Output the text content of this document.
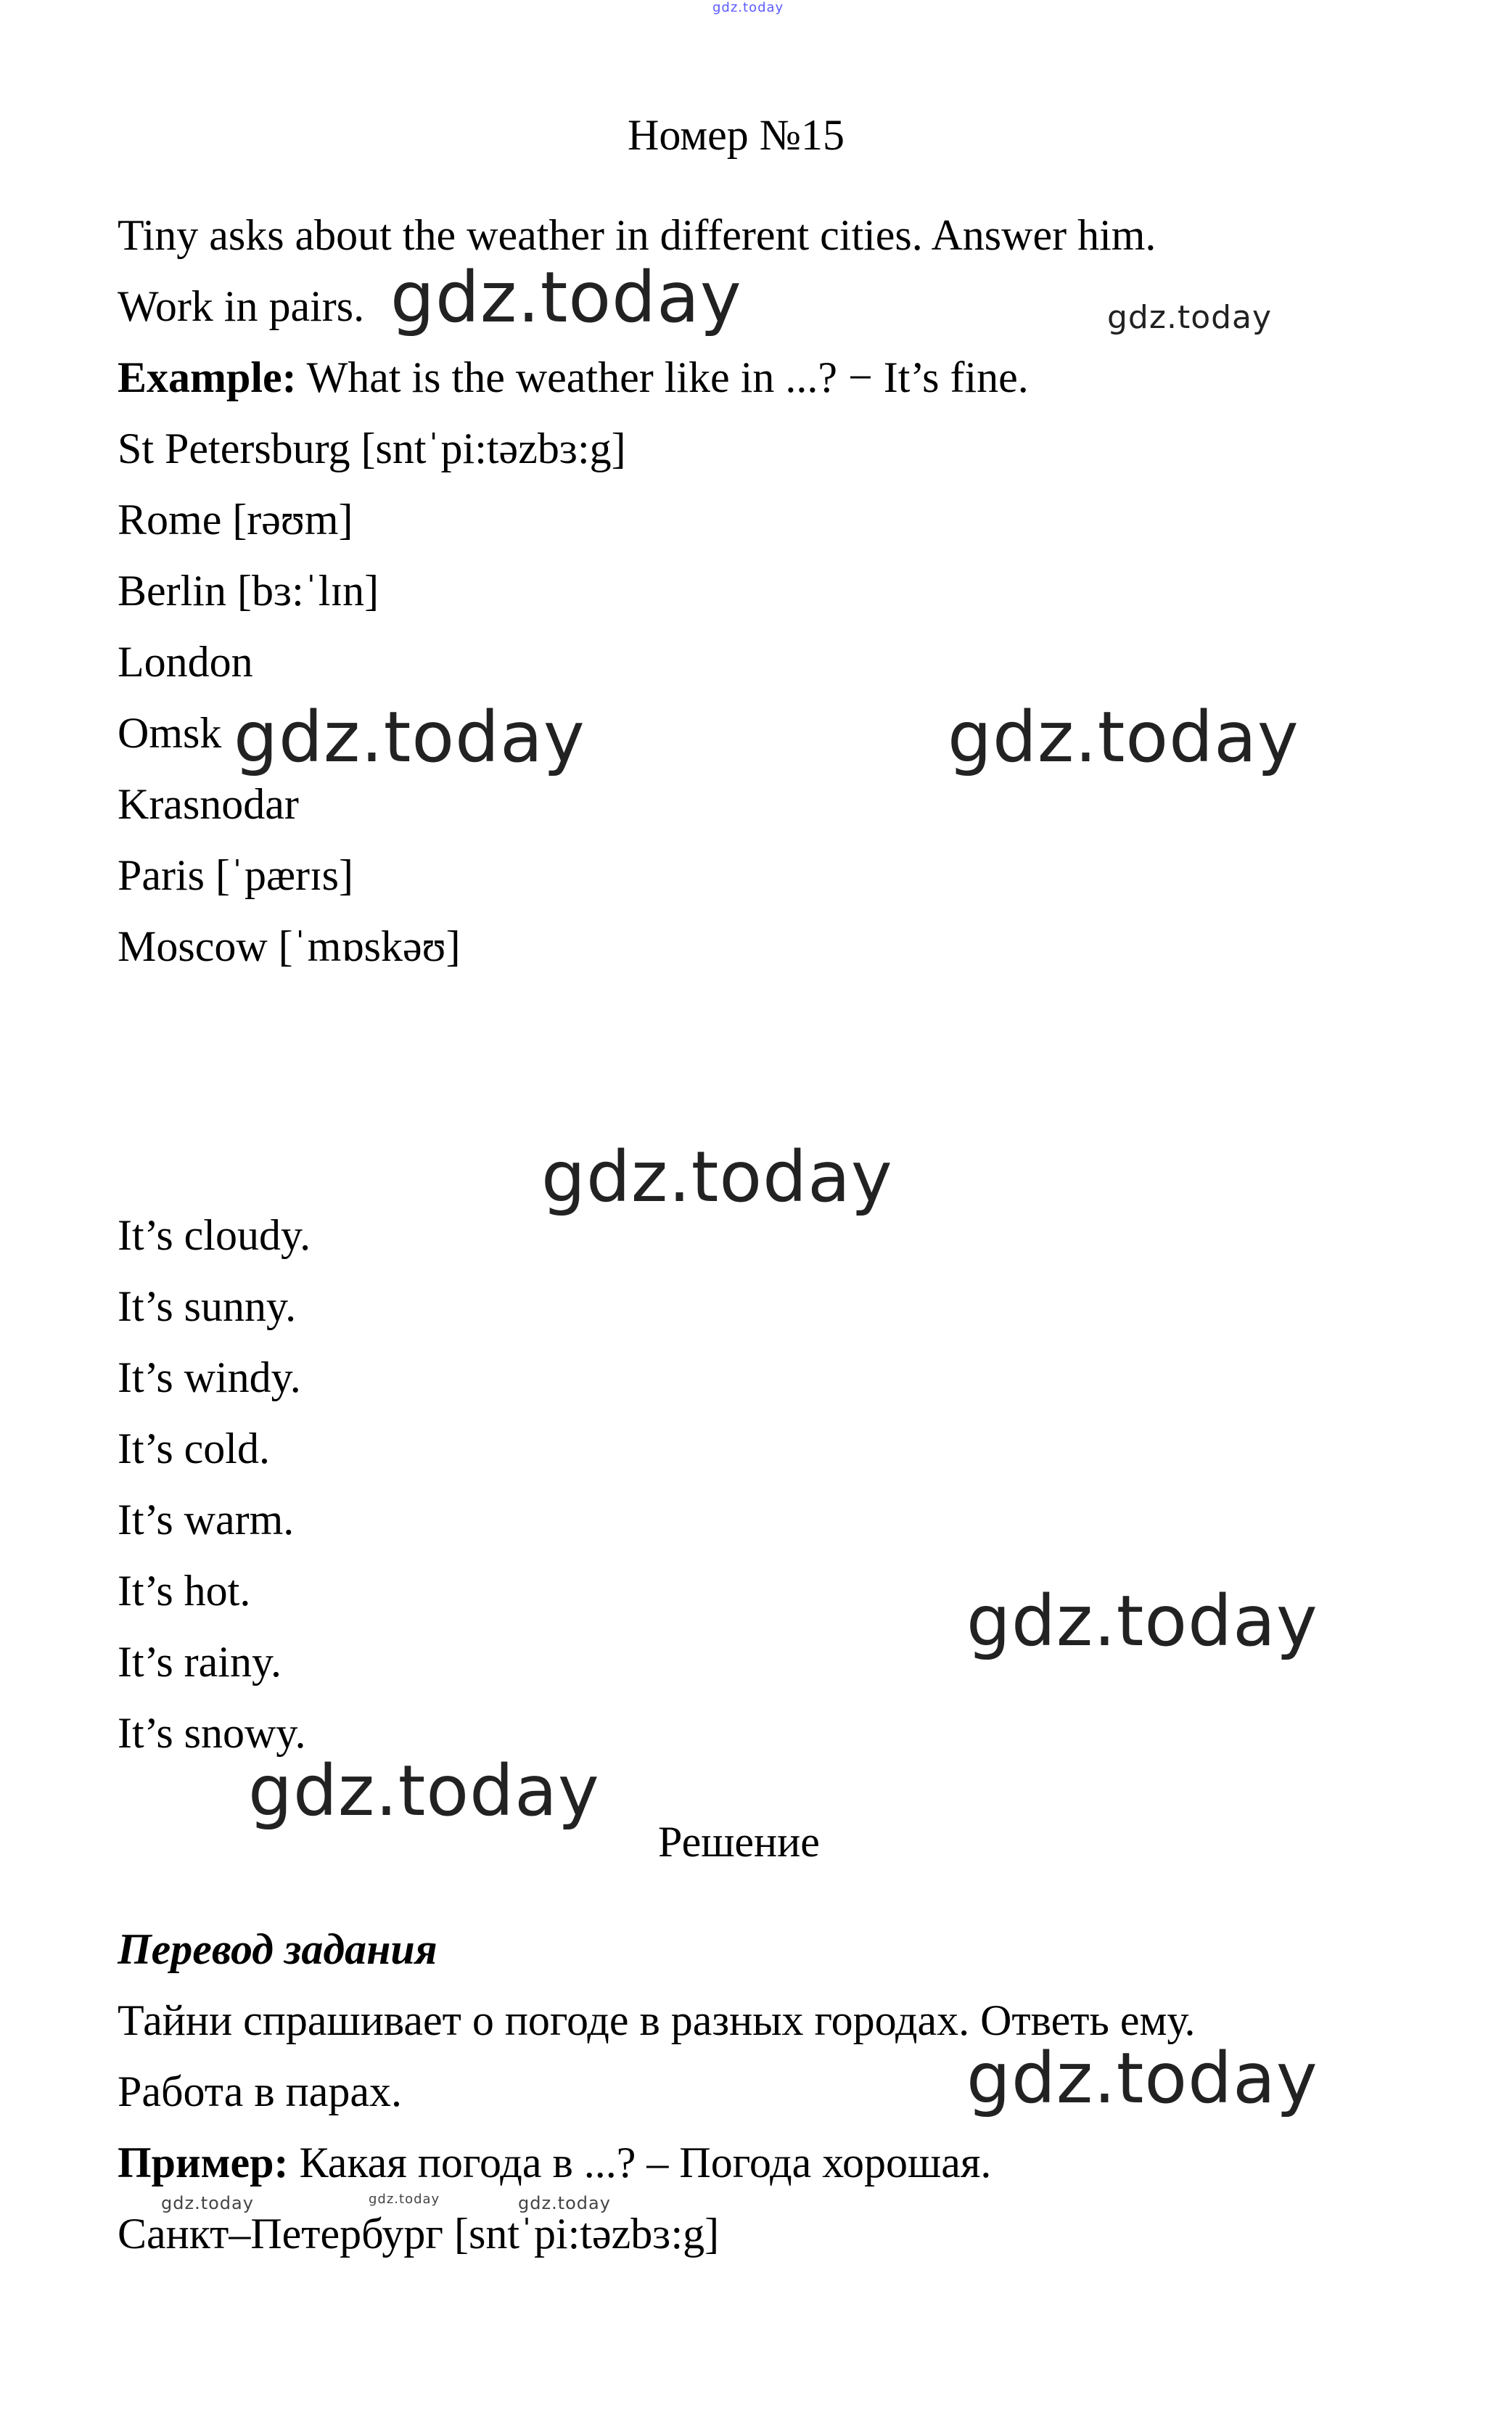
Номер №15
Tiny asks about the weather in different cities. Answer him.
Work in pairs.
Example: What is the weather like in ...? − It’s fine.
St Petersburg [sntˈpi:təzbɜ:g]
Rome [rəʊm]
Berlin [bɜ:ˈlɪn]
London
Omsk
Krasnodar
Paris [ˈpærɪs]
Moscow [ˈmɒskəʊ]
It’s cloudy.
It’s sunny.
It’s windy.
It’s cold.
It’s warm.
It’s hot.
It’s rainy.
It’s snowy.
Решение
Перевод задания
Тайни спрашивает о погоде в разных городах. Ответь ему.
Работа в парах.
Пример: Какая погода в ...? – Погода хорошая.
Санкт–Петербург [sntˈpi:təzbɜ:g]
gdz.today
gdz.today	gdz.today
gdz.today	gdz.today
gdz.today
gdz.today
gdz.today
gdz.today
gdz.today	gdz.today	gdz.today
